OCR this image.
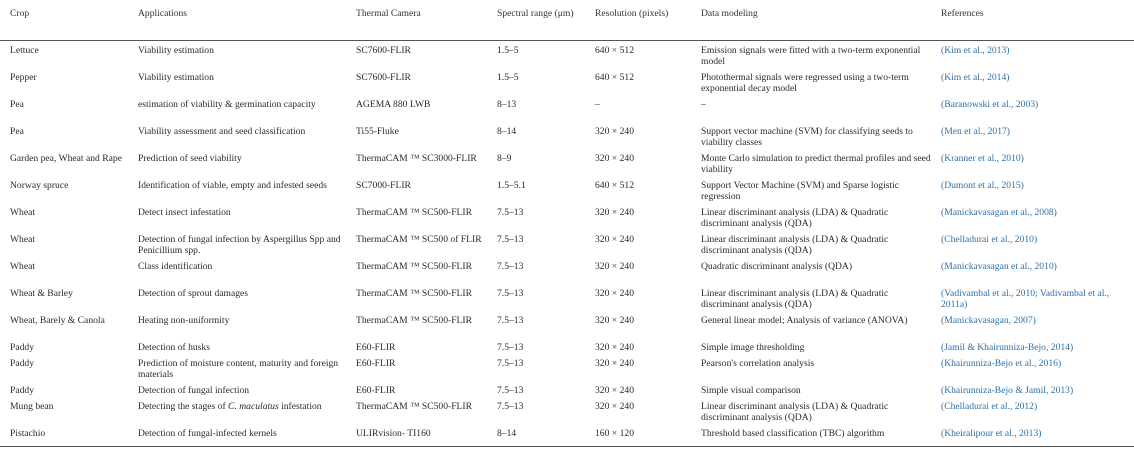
Crop	Applications	Thermal Camera	Spectral range (μm)	Resolution (pixels)	Data modeling	References
Lettuce	Viability estimation	SC7600-FLIR	1.5–5	640 × 512	Emission signals were fitted with a two-term exponential model	(Kim et al., 2013)
Pepper	Viability estimation	SC7600-FLIR	1.5–5	640 × 512	Photothermal signals were regressed using a two-term exponential decay model	(Kim et al., 2014)
Pea	estimation of viability & germination capacity	AGEMA 880 LWB	8–13	–	–	(Baranowski et al., 2003)
Pea	Viability assessment and seed classification	Ti55-Fluke	8–14	320 × 240	Support vector machine (SVM) for classifying seeds to viability classes	(Men et al., 2017)
Garden pea, Wheat and Rape	Prediction of seed viability	ThermaCAM ™ SC3000-FLIR	8–9	320 × 240	Monte Carlo simulation to predict thermal profiles and seed viability	(Kranner et al., 2010)
Norway spruce	Identification of viable, empty and infested seeds	SC7000-FLIR	1.5–5.1	640 × 512	Support Vector Machine (SVM) and Sparse logistic regression	(Dumont et al., 2015)
Wheat	Detect insect infestation	ThermaCAM ™ SC500-FLIR	7.5–13	320 × 240	Linear discriminant analysis (LDA) & Quadratic discriminant analysis (QDA)	(Manickavasagan et al., 2008)
Wheat	Detection of fungal infection by Aspergillus Spp and Penicillium spp.	ThermaCAM ™ SC500 of FLIR	7.5–13	320 × 240	Linear discriminant analysis (LDA) & Quadratic discriminant analysis (QDA)	(Chelladurai et al., 2010)
Wheat	Class identification	ThermaCAM ™ SC500-FLIR	7.5–13	320 × 240	Quadratic discriminant analysis (QDA)	(Manickavasagan et al., 2010)
Wheat & Barley	Detection of sprout damages	ThermaCAM ™ SC500-FLIR	7.5–13	320 × 240	Linear discriminant analysis (LDA) & Quadratic discriminant analysis (QDA)	(Vadivambal et al., 2010; Vadivambal et al., 2011a)
Wheat, Barely & Canola	Heating non-uniformity	ThermaCAM ™ SC500-FLIR	7.5–13	320 × 240	General linear model; Analysis of variance (ANOVA)	(Manickavasagan, 2007)
Paddy	Detection of husks	E60-FLIR	7.5–13	320 × 240	Simple image thresholding	(Jamil & Khairunniza-Bejo, 2014)
Paddy	Prediction of moisture content, maturity and foreign materials	E60-FLIR	7.5–13	320 × 240	Pearson's correlation analysis	(Khairunniza-Bejo et al., 2016)
Paddy	Detection of fungal infection	E60-FLIR	7.5–13	320 × 240	Simple visual comparison	(Khairunniza-Bejo & Jamil, 2013)
Mung bean	Detecting the stages of C. maculatus infestation	ThermaCAM ™ SC500-FLIR	7.5–13	320 × 240	Linear discriminant analysis (LDA) & Quadratic discriminant analysis (QDA)	(Chelladurai et al., 2012)
Pistachio	Detection of fungal-infected kernels	ULIRvision- TI160	8–14	160 × 120	Threshold based classification (TBC) algorithm	(Kheiralipour et al., 2013)
